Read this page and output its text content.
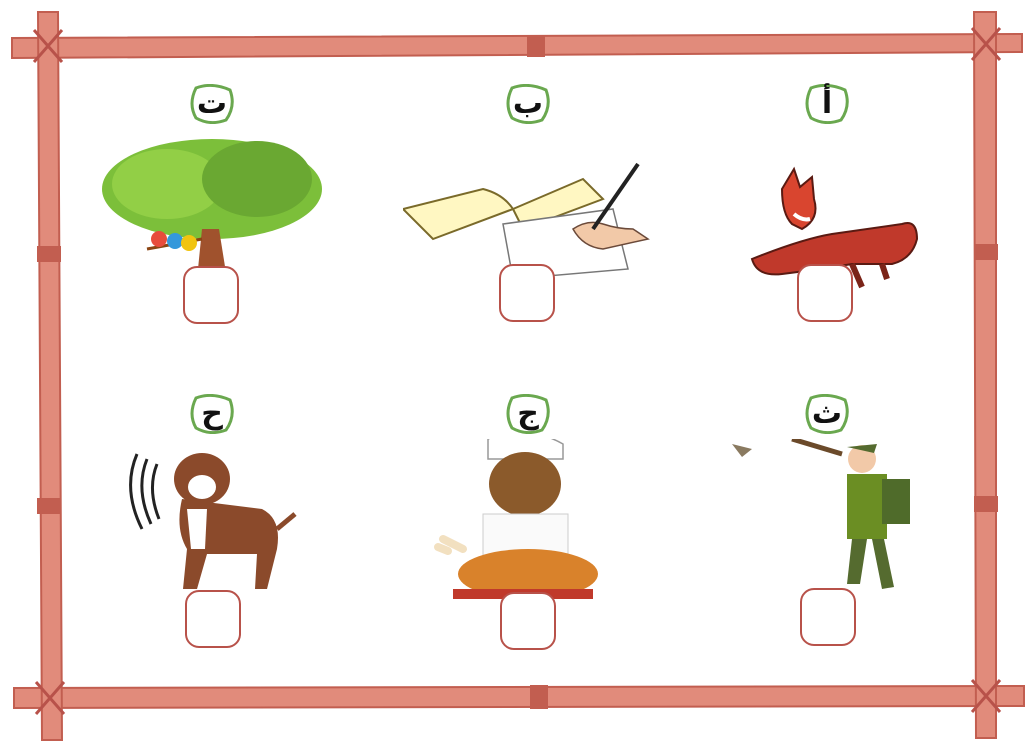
أ
ب
ت
ث
ج
ح
